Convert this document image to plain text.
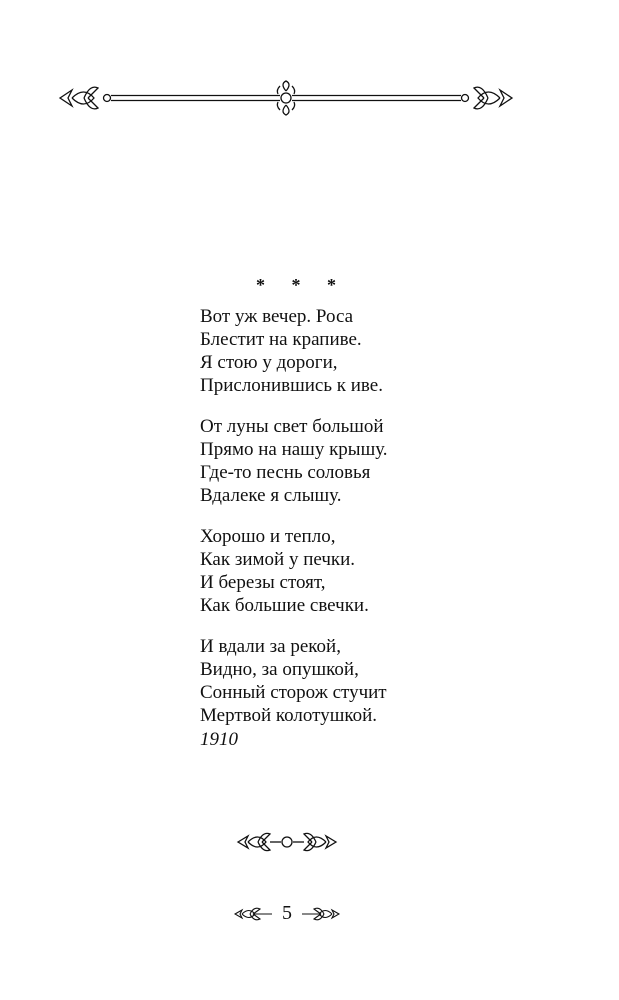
* * *
Вот уж вечер. Роса
Блестит на крапиве.
Я стою у дороги,
Прислонившись к иве.
От луны свет большой
Прямо на нашу крышу.
Где-то песнь соловья
Вдалеке я слышу.
Хорошо и тепло,
Как зимой у печки.
И березы стоят,
Как большие свечки.
И вдали за рекой,
Видно, за опушкой,
Сонный сторож стучит
Мертвой колотушкой.
1910
5
